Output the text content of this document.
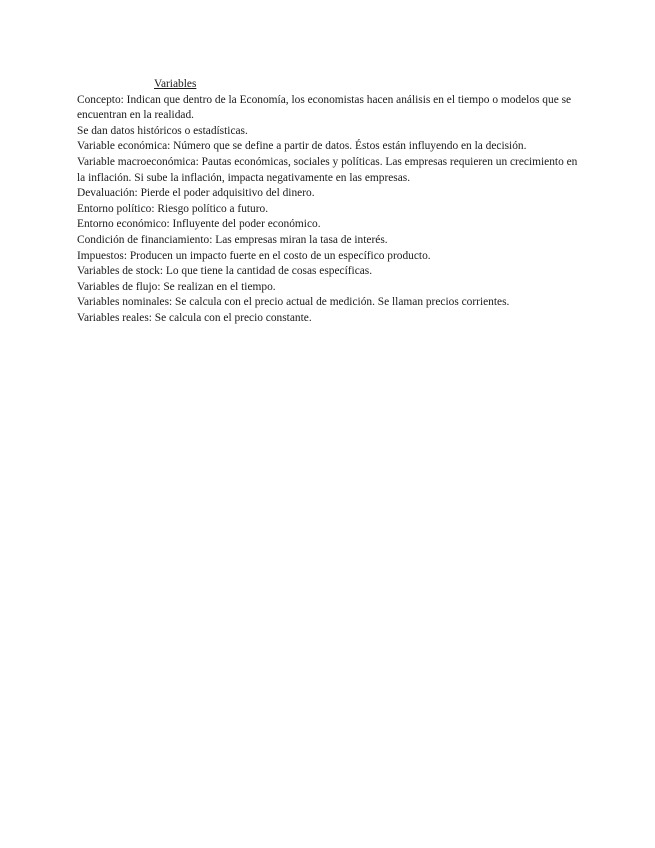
Variables

Concepto: Indican que dentro de la Economía, los economistas hacen análisis en el tiempo o modelos que se encuentran en la realidad.

Se dan datos históricos o estadísticas.

Variable económica: Número que se define a partir de datos. Éstos están influyendo en la decisión.

Variable macroeconómica: Pautas económicas, sociales y políticas. Las empresas requieren un crecimiento en la inflación. Si sube la inflación, impacta negativamente en las empresas.

Devaluación: Pierde el poder adquisitivo del dinero.

Entorno político: Riesgo político a futuro.

Entorno económico: Influyente del poder económico.

Condición de financiamiento: Las empresas miran la tasa de interés.

Impuestos: Producen un impacto fuerte en el costo de un específico producto.

Variables de stock: Lo que tiene la cantidad de cosas específicas.

Variables de flujo: Se realizan en el tiempo.

Variables nominales: Se calcula con el precio actual de medición. Se llaman precios corrientes.

Variables reales: Se calcula con el precio constante.
